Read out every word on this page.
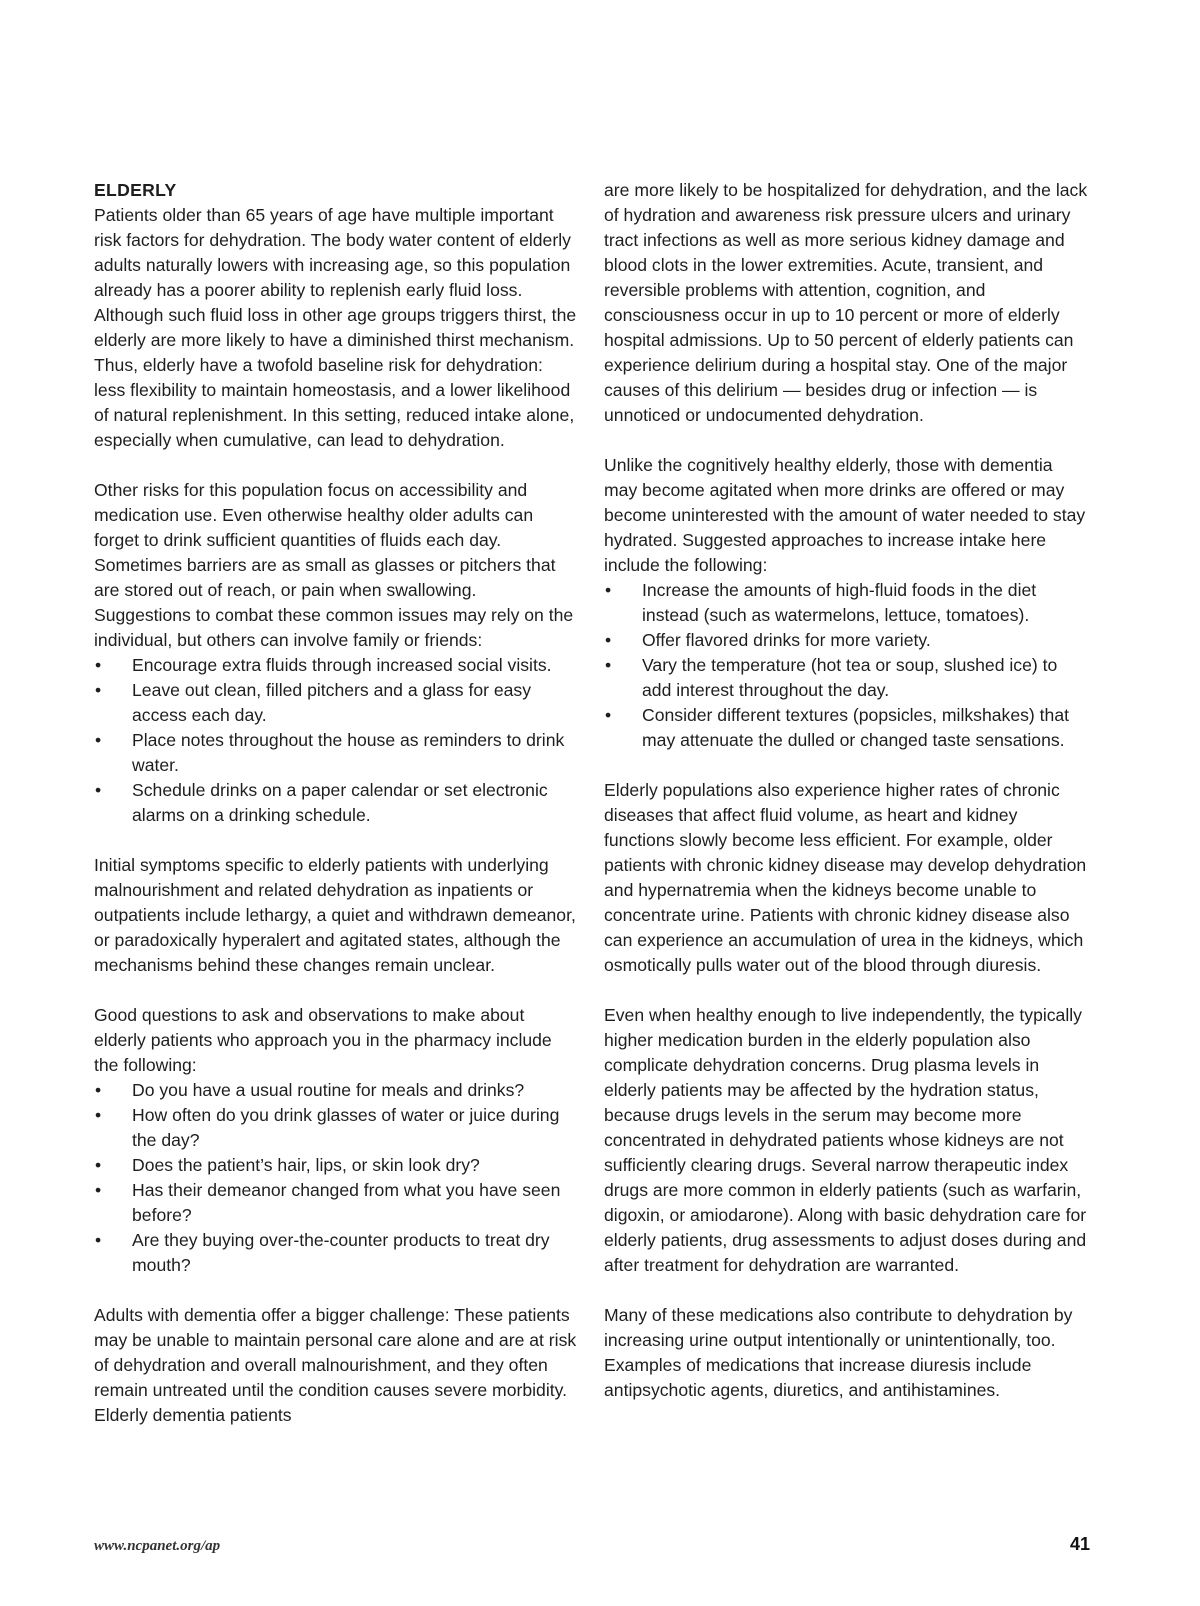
ELDERLY

Patients older than 65 years of age have multiple important risk factors for dehydration. The body water content of elderly adults naturally lowers with increasing age, so this population already has a poorer ability to replenish early fluid loss. Although such fluid loss in other age groups triggers thirst, the elderly are more likely to have a diminished thirst mechanism. Thus, elderly have a twofold baseline risk for dehydration: less flexibility to maintain homeostasis, and a lower likelihood of natural replenishment. In this setting, reduced intake alone, especially when cumulative, can lead to dehydration.

Other risks for this population focus on accessibility and medication use. Even otherwise healthy older adults can forget to drink sufficient quantities of fluids each day. Sometimes barriers are as small as glasses or pitchers that are stored out of reach, or pain when swallowing. Suggestions to combat these common issues may rely on the individual, but others can involve family or friends:

• Encourage extra fluids through increased social visits.
• Leave out clean, filled pitchers and a glass for easy access each day.
• Place notes throughout the house as reminders to drink water.
• Schedule drinks on a paper calendar or set electronic alarms on a drinking schedule.

Initial symptoms specific to elderly patients with underlying malnourishment and related dehydration as inpatients or outpatients include lethargy, a quiet and withdrawn demeanor, or paradoxically hyperalert and agitated states, although the mechanisms behind these changes remain unclear.

Good questions to ask and observations to make about elderly patients who approach you in the pharmacy include the following:

• Do you have a usual routine for meals and drinks?
• How often do you drink glasses of water or juice during the day?
• Does the patient’s hair, lips, or skin look dry?
• Has their demeanor changed from what you have seen before?
• Are they buying over-the-counter products to treat dry mouth?

Adults with dementia offer a bigger challenge: These patients may be unable to maintain personal care alone and are at risk of dehydration and overall malnourishment, and they often remain untreated until the condition causes severe morbidity. Elderly dementia patients

are more likely to be hospitalized for dehydration, and the lack of hydration and awareness risk pressure ulcers and urinary tract infections as well as more serious kidney damage and blood clots in the lower extremities. Acute, transient, and reversible problems with attention, cognition, and consciousness occur in up to 10 percent or more of elderly hospital admissions. Up to 50 percent of elderly patients can experience delirium during a hospital stay. One of the major causes of this delirium — besides drug or infection — is unnoticed or undocumented dehydration.

Unlike the cognitively healthy elderly, those with dementia may become agitated when more drinks are offered or may become uninterested with the amount of water needed to stay hydrated. Suggested approaches to increase intake here include the following:

• Increase the amounts of high-fluid foods in the diet instead (such as watermelons, lettuce, tomatoes).
• Offer flavored drinks for more variety.
• Vary the temperature (hot tea or soup, slushed ice) to add interest throughout the day.
• Consider different textures (popsicles, milkshakes) that may attenuate the dulled or changed taste sensations.

Elderly populations also experience higher rates of chronic diseases that affect fluid volume, as heart and kidney functions slowly become less efficient. For example, older patients with chronic kidney disease may develop dehydration and hypernatremia when the kidneys become unable to concentrate urine. Patients with chronic kidney disease also can experience an accumulation of urea in the kidneys, which osmotically pulls water out of the blood through diuresis.

Even when healthy enough to live independently, the typically higher medication burden in the elderly population also complicate dehydration concerns. Drug plasma levels in elderly patients may be affected by the hydration status, because drugs levels in the serum may become more concentrated in dehydrated patients whose kidneys are not sufficiently clearing drugs. Several narrow therapeutic index drugs are more common in elderly patients (such as warfarin, digoxin, or amiodarone). Along with basic dehydration care for elderly patients, drug assessments to adjust doses during and after treatment for dehydration are warranted.

Many of these medications also contribute to dehydration by increasing urine output intentionally or unintentionally, too. Examples of medications that increase diuresis include antipsychotic agents, diuretics, and antihistamines.

www.ncpanet.org/ap	41
